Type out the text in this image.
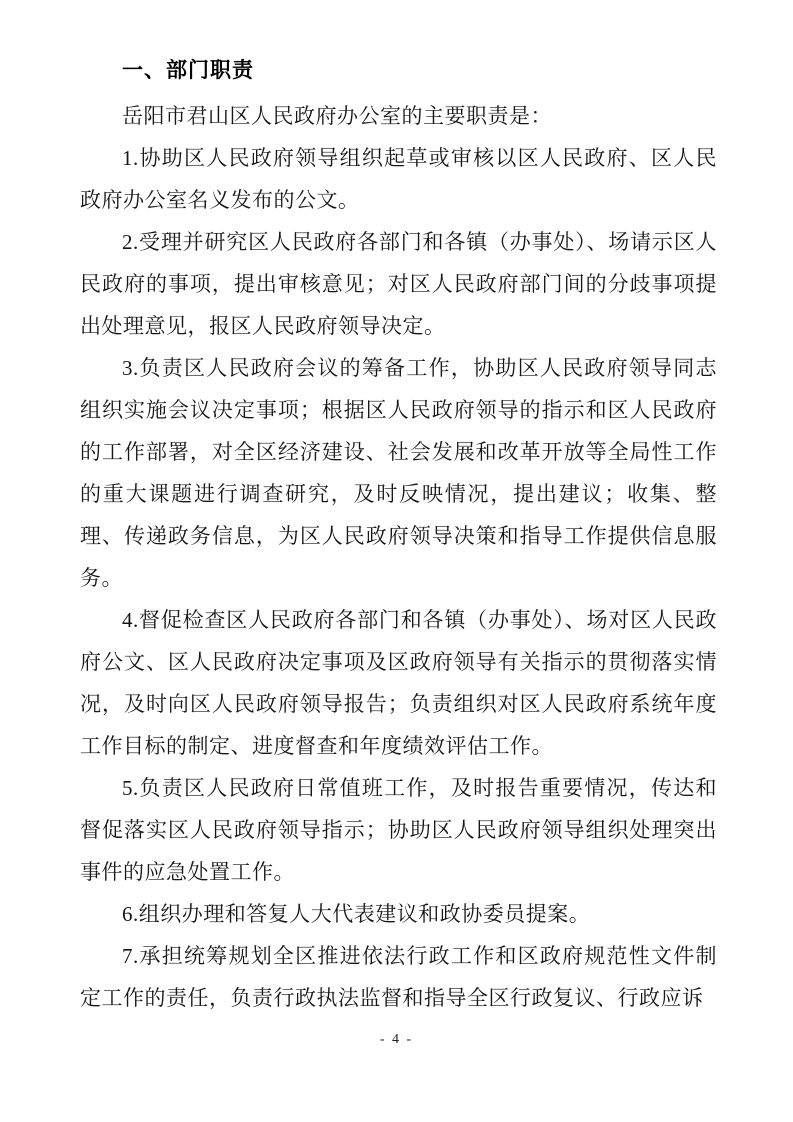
一、部门职责

岳阳市君山区人民政府办公室的主要职责是：

1.协助区人民政府领导组织起草或审核以区人民政府、区人民政府办公室名义发布的公文。

2.受理并研究区人民政府各部门和各镇（办事处）、场请示区人民政府的事项，提出审核意见；对区人民政府部门间的分歧事项提出处理意见，报区人民政府领导决定。

3.负责区人民政府会议的筹备工作，协助区人民政府领导同志组织实施会议决定事项；根据区人民政府领导的指示和区人民政府的工作部署，对全区经济建设、社会发展和改革开放等全局性工作的重大课题进行调查研究，及时反映情况，提出建议；收集、整理、传递政务信息，为区人民政府领导决策和指导工作提供信息服务。

4.督促检查区人民政府各部门和各镇（办事处）、场对区人民政府公文、区人民政府决定事项及区政府领导有关指示的贯彻落实情况，及时向区人民政府领导报告；负责组织对区人民政府系统年度工作目标的制定、进度督查和年度绩效评估工作。

5.负责区人民政府日常值班工作，及时报告重要情况，传达和督促落实区人民政府领导指示；协助区人民政府领导组织处理突出事件的应急处置工作。

6.组织办理和答复人大代表建议和政协委员提案。

7.承担统筹规划全区推进依法行政工作和区政府规范性文件制定工作的责任，负责行政执法监督和指导全区行政复议、行政应诉

- 4 -
